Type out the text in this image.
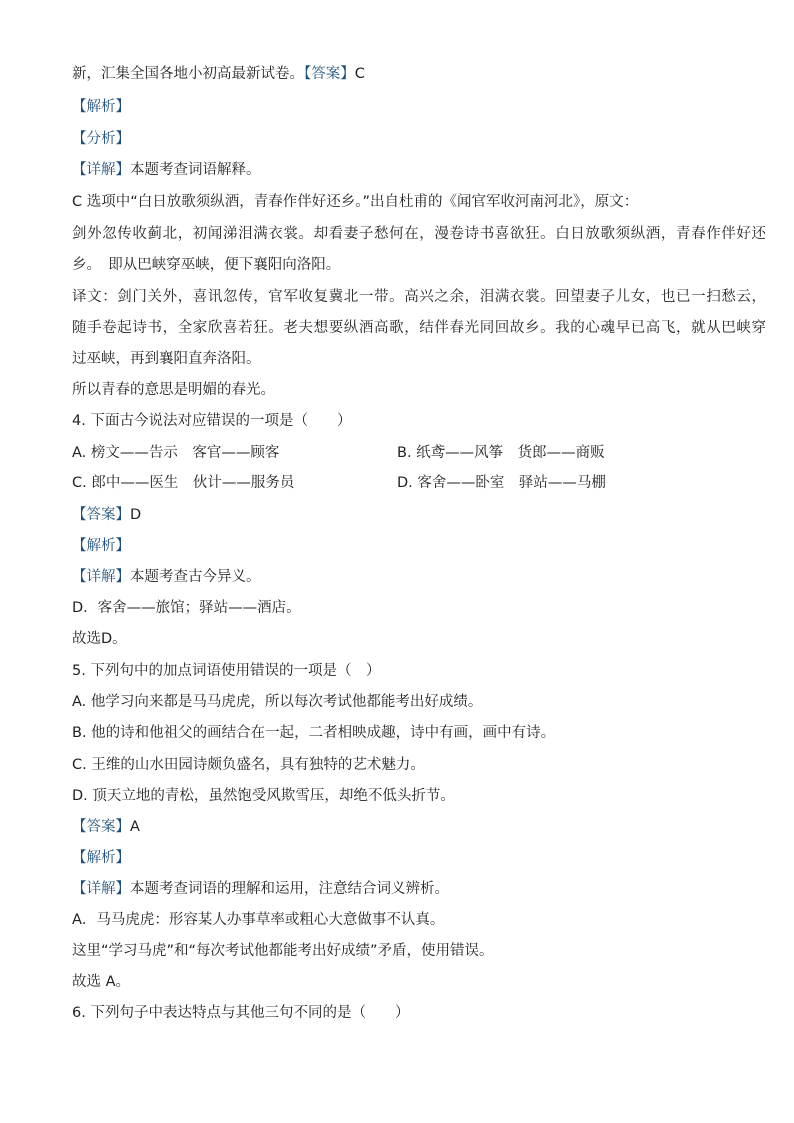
新，汇集全国各地小初高最新试卷。【答案】C
【解析】
【分析】
【详解】本题考查词语解释。
C 选项中“白日放歌须纵酒，青春作伴好还乡。”出自杜甫的《闻官军收河南河北》，原文：
剑外忽传收蓟北，初闻涕泪满衣裳。却看妻子愁何在，漫卷诗书喜欲狂。白日放歌须纵酒，青春作伴好还
乡。　即从巴峡穿巫峡，便下襄阳向洛阳。
译文：剑门关外，喜讯忽传，官军收复冀北一带。高兴之余，泪满衣裳。回望妻子儿女，也已一扫愁云，
随手卷起诗书，全家欣喜若狂。老夫想要纵酒高歌，结伴春光同回故乡。我的心魂早已高飞，就从巴峡穿
过巫峡，再到襄阳直奔洛阳。
所以青春的意思是明媚的春光。
4. 下面古今说法对应错误的一项是（　　）
A. 榜文——告示　客官——顾客	B. 纸鸢——风筝　货郎——商贩
C. 郎中——医生　伙计——服务员	D. 客舍——卧室　驿站——马棚
【答案】D
【解析】
【详解】本题考查古今异义。
D．客舍——旅馆；驿站——酒店。
故选D。
5. 下列句中的加点词语使用错误的一项是（　）
A. 他学习向来都是马马虎虎，所以每次考试他都能考出好成绩。
B. 他的诗和他祖父的画结合在一起，二者相映成趣，诗中有画，画中有诗。
C. 王维的山水田园诗颇负盛名，具有独特的艺术魅力。
D. 顶天立地的青松，虽然饱受风欺雪压，却绝不低头折节。
【答案】A
【解析】
【详解】本题考查词语的理解和运用，注意结合词义辨析。
A．马马虎虎：形容某人办事草率或粗心大意做事不认真。
这里“学习马虎”和“每次考试他都能考出好成绩”矛盾，使用错误。
故选 A。
6. 下列句子中表达特点与其他三句不同的是（　　）
